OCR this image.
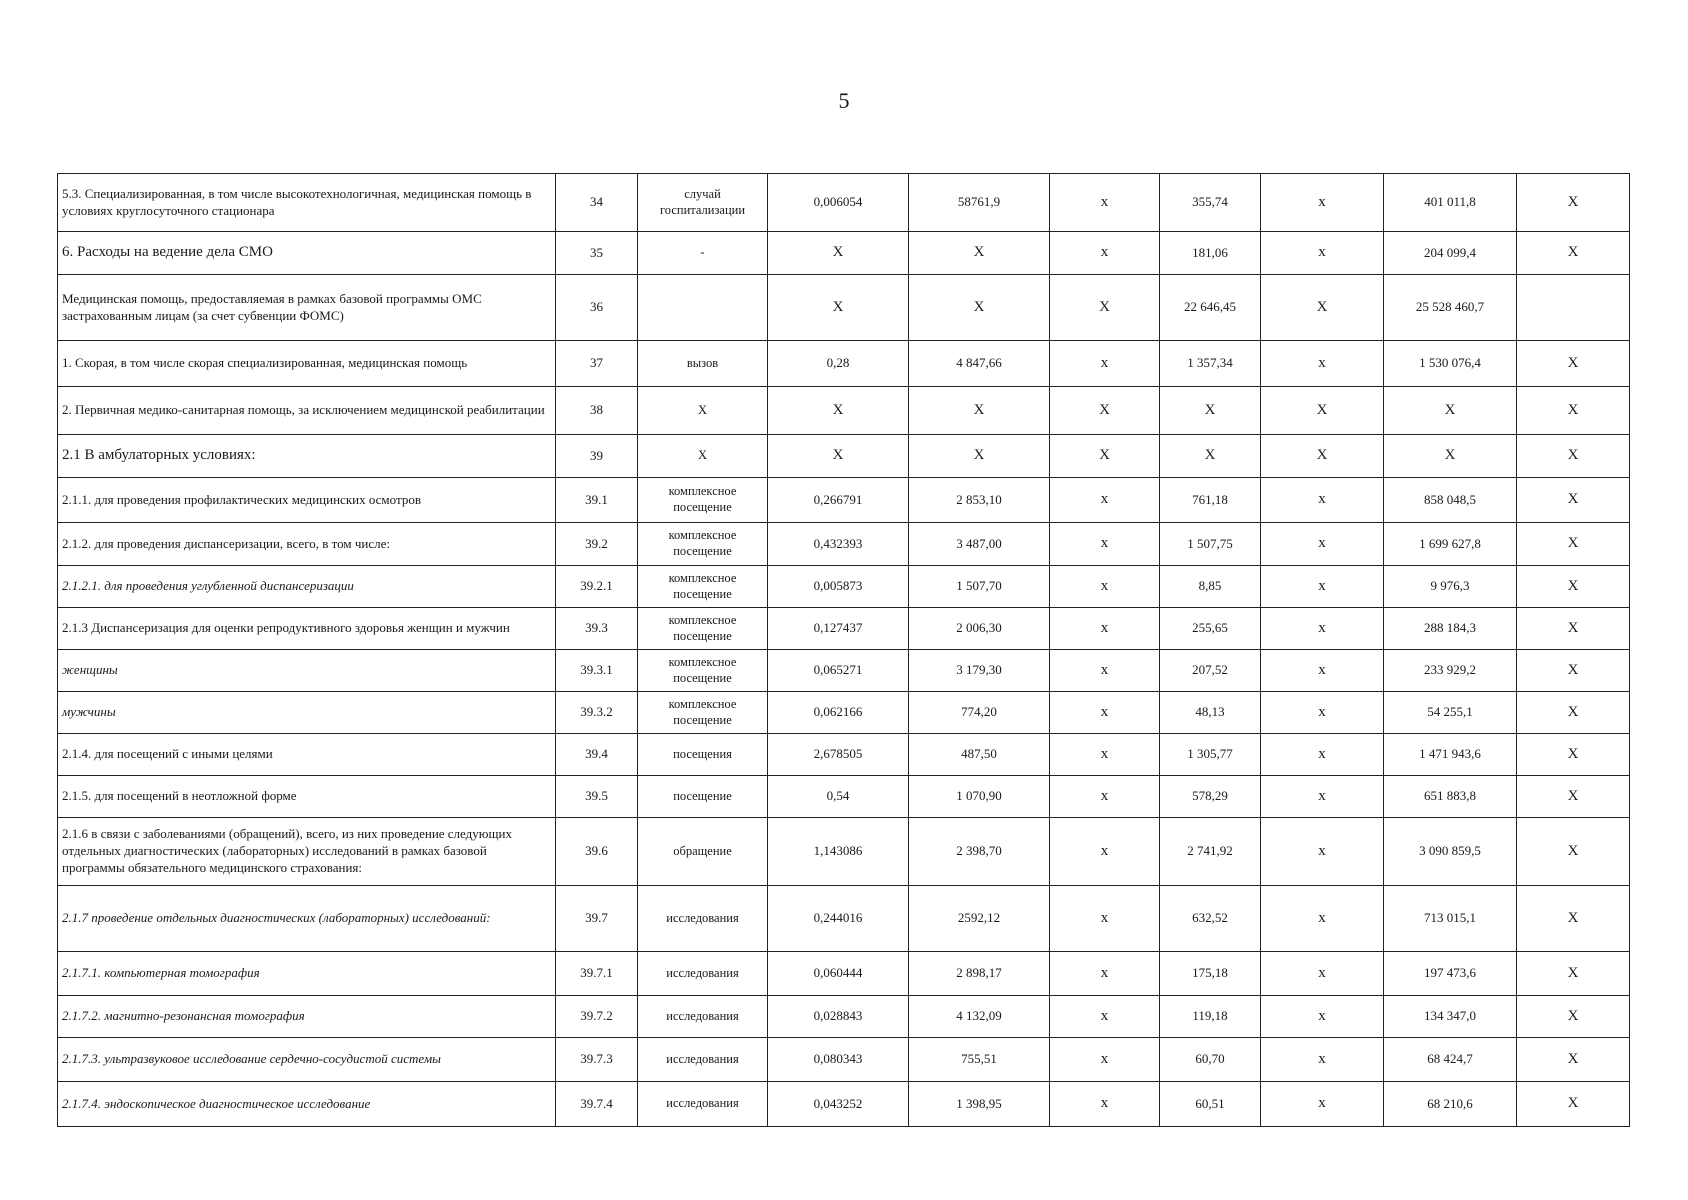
5
5.3. Специализированная, в том числе высокотехнологичная, медицинская помощь в условиях круглосуточного стационара	34	случай госпитализации	0,006054	58761,9	х	355,74	х	401 011,8	Х
6. Расходы на ведение дела СМО	35	-	Х	Х	х	181,06	х	204 099,4	Х
Медицинская помощь, предоставляемая в рамках базовой программы ОМС застрахованным лицам (за счет субвенции ФОМС)	36		Х	Х	Х	22 646,45	Х	25 528 460,7	
1. Скорая, в том числе скорая специализированная, медицинская помощь	37	вызов	0,28	4 847,66	х	1 357,34	х	1 530 076,4	Х
2. Первичная медико-санитарная помощь, за исключением медицинской реабилитации	38	Х	Х	Х	Х	Х	Х	Х	Х
2.1 В амбулаторных условиях:	39	Х	Х	Х	Х	Х	Х	Х	Х
2.1.1. для проведения профилактических медицинских осмотров	39.1	комплексное посещение	0,266791	2 853,10	х	761,18	х	858 048,5	Х
2.1.2. для проведения диспансеризации, всего, в том числе:	39.2	комплексное посещение	0,432393	3 487,00	х	1 507,75	х	1 699 627,8	Х
2.1.2.1. для проведения углубленной диспансеризации	39.2.1	комплексное посещение	0,005873	1 507,70	х	8,85	х	9 976,3	Х
2.1.3 Диспансеризация для оценки репродуктивного здоровья женщин и мужчин	39.3	комплексное посещение	0,127437	2 006,30	х	255,65	х	288 184,3	Х
женщины	39.3.1	комплексное посещение	0,065271	3 179,30	х	207,52	х	233 929,2	Х
мужчины	39.3.2	комплексное посещение	0,062166	774,20	х	48,13	х	54 255,1	Х
2.1.4. для посещений с иными целями	39.4	посещения	2,678505	487,50	х	1 305,77	х	1 471 943,6	Х
2.1.5. для посещений в неотложной форме	39.5	посещение	0,54	1 070,90	х	578,29	х	651 883,8	Х
2.1.6 в связи с заболеваниями (обращений), всего, из них проведение следующих отдельных диагностических (лабораторных) исследований в рамках базовой программы обязательного медицинского страхования:	39.6	обращение	1,143086	2 398,70	х	2 741,92	х	3 090 859,5	Х
2.1.7 проведение отдельных диагностических (лабораторных) исследований:	39.7	исследования	0,244016	2592,12	х	632,52	х	713 015,1	Х
2.1.7.1. компьютерная томография	39.7.1	исследования	0,060444	2 898,17	х	175,18	х	197 473,6	Х
2.1.7.2. магнитно-резонансная томография	39.7.2	исследования	0,028843	4 132,09	х	119,18	х	134 347,0	Х
2.1.7.3. ультразвуковое исследование сердечно-сосудистой системы	39.7.3	исследования	0,080343	755,51	х	60,70	х	68 424,7	Х
2.1.7.4. эндоскопическое диагностическое исследование	39.7.4	исследования	0,043252	1 398,95	х	60,51	х	68 210,6	Х
